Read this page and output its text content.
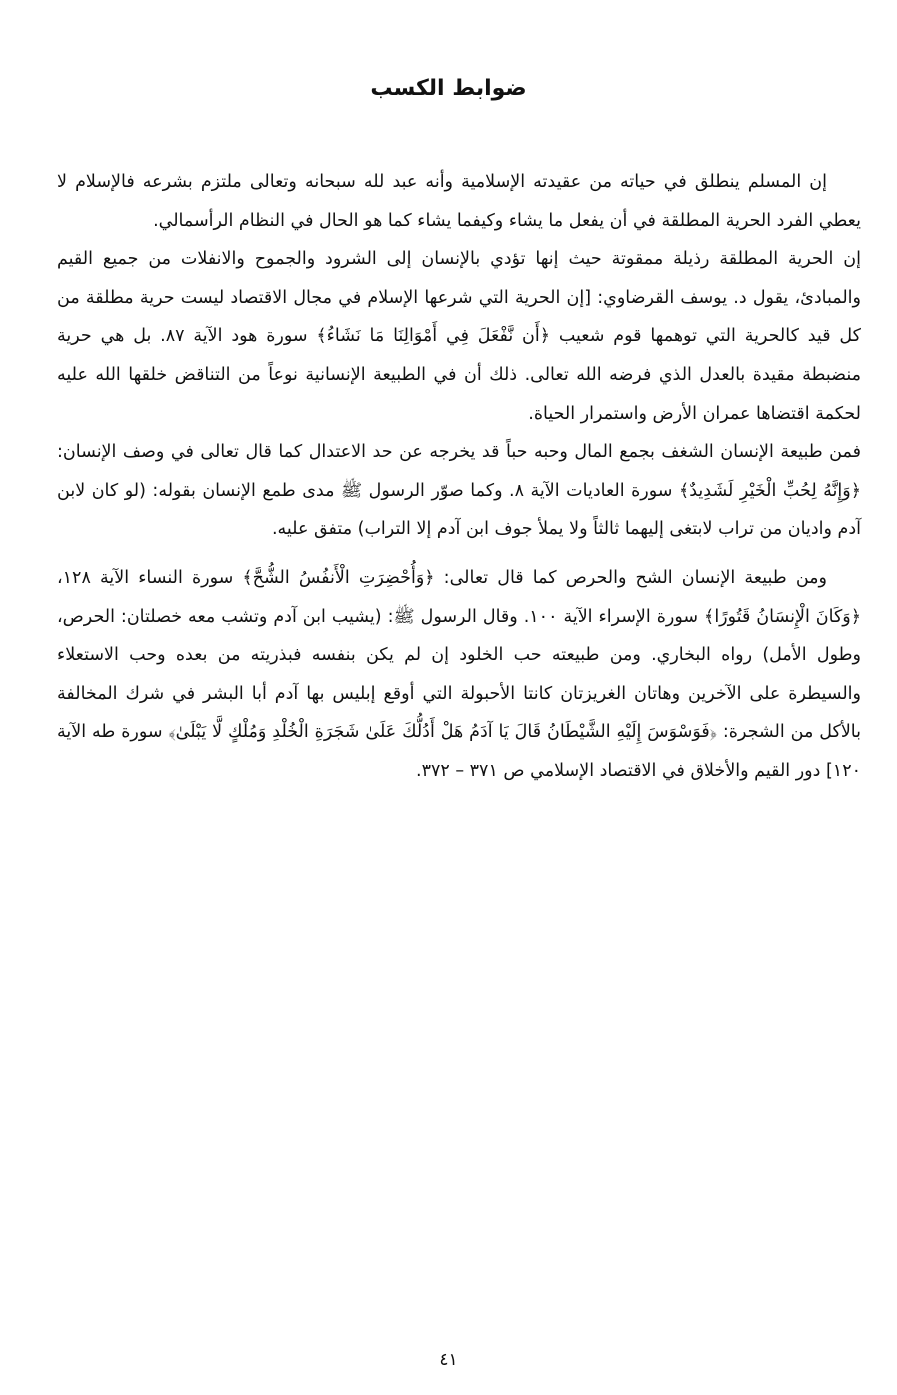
ضوابط الكسب

إن المسلم ينطلق في حياته من عقيدته الإسلامية وأنه عبد لله سبحانه وتعالى ملتزم بشرعه فالإسلام لا يعطي الفرد الحرية المطلقة في أن يفعل ما يشاء وكيفما يشاء كما هو الحال في النظام الرأسمالي.

إن الحرية المطلقة رذيلة ممقوتة حيث إنها تؤدي بالإنسان إلى الشرود والجموح والانفلات من جميع القيم والمبادئ، يقول د. يوسف القرضاوي: [إن الحرية التي شرعها الإسلام في مجال الاقتصاد ليست حرية مطلقة من كل قيد كالحرية التي توهمها قوم شعيب ﴿أَن نَّفْعَلَ فِي أَمْوَالِنَا مَا نَشَاءُ﴾ سورة هود الآية ٨٧. بل هي حرية منضبطة مقيدة بالعدل الذي فرضه الله تعالى. ذلك أن في الطبيعة الإنسانية نوعاً من التناقض خلقها الله عليه لحكمة اقتضاها عمران الأرض واستمرار الحياة.

فمن طبيعة الإنسان الشغف بجمع المال وحبه حباً قد يخرجه عن حد الاعتدال كما قال تعالى في وصف الإنسان: ﴿وَإِنَّهُ لِحُبِّ الْخَيْرِ لَشَدِيدٌ﴾ سورة العاديات الآية ٨. وكما صوّر الرسول ﷺ مدى طمع الإنسان بقوله: (لو كان لابن آدم واديان من تراب لابتغى إليهما ثالثاً ولا يملأ جوف ابن آدم إلا التراب) متفق عليه.

ومن طبيعة الإنسان الشح والحرص كما قال تعالى: ﴿وَأُحْضِرَتِ الْأَنفُسُ الشُّحَّ﴾ سورة النساء الآية ١٢٨، ﴿وَكَانَ الْإِنسَانُ قَتُورًا﴾ سورة الإسراء الآية ١٠٠. وقال الرسول ﷺ: (يشيب ابن آدم وتشب معه خصلتان: الحرص، وطول الأمل) رواه البخاري. ومن طبيعته حب الخلود إن لم يكن بنفسه فبذريته من بعده وحب الاستعلاء والسيطرة على الآخرين وهاتان الغريزتان كانتا الأحبولة التي أوقع إبليس بها آدم أبا البشر في شرك المخالفة بالأكل من الشجرة: ﴿فَوَسْوَسَ إِلَيْهِ الشَّيْطَانُ قَالَ يَا آدَمُ هَلْ أَدُلُّكَ عَلَىٰ شَجَرَةِ الْخُلْدِ وَمُلْكٍ لَّا يَبْلَىٰ﴾ سورة طه الآية ١٢٠] دور القيم والأخلاق في الاقتصاد الإسلامي ص ٣٧١ – ٣٧٢.

٤١
